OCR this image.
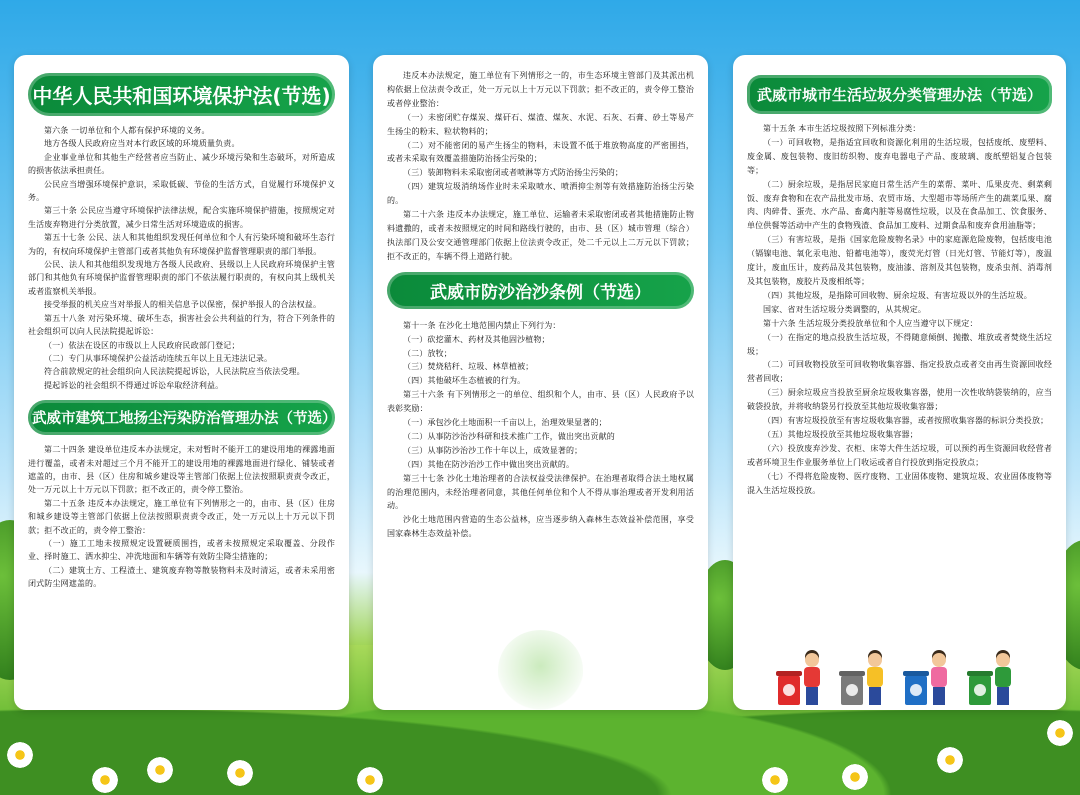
中华人民共和国环境保护法(节选)

第六条 一切单位和个人都有保护环境的义务。

地方各级人民政府应当对本行政区域的环境质量负责。

企业事业单位和其他生产经营者应当防止、减少环境污染和生态破坏，对所造成的损害依法承担责任。

公民应当增强环境保护意识，采取低碳、节俭的生活方式，自觉履行环境保护义务。

第三十条 公民应当遵守环境保护法律法规，配合实施环境保护措施，按照规定对生活废弃物进行分类放置，减少日常生活对环境造成的损害。

第五十七条 公民、法人和其他组织发现任何单位和个人有污染环境和破坏生态行为的，有权向环境保护主管部门或者其他负有环境保护监督管理职责的部门举报。

公民、法人和其他组织发现地方各级人民政府、县级以上人民政府环境保护主管部门和其他负有环境保护监督管理职责的部门不依法履行职责的，有权向其上级机关或者监察机关举报。

接受举报的机关应当对举报人的相关信息予以保密，保护举报人的合法权益。

第五十八条 对污染环境、破坏生态，损害社会公共利益的行为，符合下列条件的社会组织可以向人民法院提起诉讼：

（一）依法在设区的市级以上人民政府民政部门登记；

（二）专门从事环境保护公益活动连续五年以上且无违法记录。

符合前款规定的社会组织向人民法院提起诉讼，人民法院应当依法受理。

提起诉讼的社会组织不得通过诉讼牟取经济利益。

武威市建筑工地扬尘污染防治管理办法（节选）

第二十四条 建设单位违反本办法规定，未对暂时不能开工的建设用地的裸露地面进行覆盖，或者未对超过三个月不能开工的建设用地的裸露地面进行绿化、铺装或者遮盖的，由市、县（区）住房和城乡建设等主管部门依据上位法按照职责责令改正，处一万元以上十万元以下罚款；拒不改正的，责令停工整治。

第二十五条 违反本办法规定，施工单位有下列情形之一的，由市、县（区）住房和城乡建设等主管部门依据上位法按照职责责令改正，处一万元以上十万元以下罚款；拒不改正的，责令停工整治：

（一）施工工地未按照规定设置硬质围挡，或者未按照规定采取覆盖、分段作业、择时施工、洒水抑尘、冲洗地面和车辆等有效防尘降尘措施的；

（二）建筑土方、工程渣土、建筑废弃物等散装物料未及时清运，或者未采用密闭式防尘网遮盖的。

违反本办法规定，施工单位有下列情形之一的，市生态环境主管部门及其派出机构依据上位法责令改正，处一万元以上十万元以下罚款；拒不改正的，责令停工整治或者停业整治：

（一）未密闭贮存煤炭、煤矸石、煤渣、煤灰、水泥、石灰、石膏、砂土等易产生扬尘的粉末、粒状物料的；

（二）对不能密闭的易产生扬尘的物料，未设置不低于堆放物高度的严密围挡，或者未采取有效覆盖措施防治扬尘污染的；

（三）装卸物料未采取密闭或者喷淋等方式防治扬尘污染的；

（四）建筑垃圾消纳场作业时未采取喷水、喷洒抑尘剂等有效措施防治扬尘污染的。

第二十六条 违反本办法规定，施工单位、运输者未采取密闭或者其他措施防止物料遗撒的，或者未按照规定的时间和路线行驶的，由市、县（区）城市管理（综合）执法部门及公安交通管理部门依据上位法责令改正，处二千元以上二万元以下罚款；拒不改正的，车辆不得上道路行驶。

武威市防沙治沙条例（节选）

第十一条 在沙化土地范围内禁止下列行为：

（一）砍挖灌木、药材及其他固沙植物；

（二）放牧；

（三）焚烧秸秆、垃圾、林草植被；

（四）其他破坏生态植被的行为。

第三十六条 有下列情形之一的单位、组织和个人，由市、县（区）人民政府予以表彰奖励：

（一）承包沙化土地面积一千亩以上，治理效果显著的；

（二）从事防沙治沙科研和技术推广工作，做出突出贡献的

（三）从事防沙治沙工作十年以上，成效显著的；

（四）其他在防沙治沙工作中做出突出贡献的。

第三十七条 沙化土地治理者的合法权益受法律保护。在治理者取得合法土地权属的治理范围内，未经治理者同意，其他任何单位和个人不得从事治理或者开发利用活动。

沙化土地范围内营造的生态公益林，应当逐步纳入森林生态效益补偿范围，享受国家森林生态效益补偿。

武威市城市生活垃圾分类管理办法（节选）

第十五条 本市生活垃圾按照下列标准分类：

（一）可回收物，是指适宜回收和资源化利用的生活垃圾，包括废纸、废塑料、废金属、废包装物、废旧纺织物、废弃电器电子产品、废玻璃、废纸塑铝复合包装等；

（二）厨余垃圾，是指居民家庭日常生活产生的菜帮、菜叶、瓜果皮壳、剩菜剩饭、废弃食物和在农产品批发市场、农贸市场、大型超市等场所产生的蔬菜瓜果、腐肉、肉碎骨、蛋壳、水产品、畜禽内脏等易腐性垃圾，以及在食品加工、饮食服务、单位供餐等活动中产生的食物残渣、食品加工废料、过期食品和废弃食用油脂等；

（三）有害垃圾，是指《国家危险废物名录》中的家庭源危险废物，包括废电池（镉镍电池、氧化汞电池、铅蓄电池等），废荧光灯管（日光灯管、节能灯等），废温度计，废血压计，废药品及其包装物，废油漆、溶剂及其包装物，废杀虫剂、消毒剂及其包装物，废胶片及废相纸等；

（四）其他垃圾，是指除可回收物、厨余垃圾、有害垃圾以外的生活垃圾。

国家、省对生活垃圾分类调整的，从其规定。

第十六条 生活垃圾分类投放单位和个人应当遵守以下规定：

（一）在指定的地点投放生活垃圾，不得随意倾倒、抛撒、堆放或者焚烧生活垃圾；

（二）可回收物投放至可回收物收集容器、指定投放点或者交由再生资源回收经营者回收；

（三）厨余垃圾应当投放至厨余垃圾收集容器，使用一次性收纳袋装纳的，应当破袋投放，并将收纳袋另行投放至其他垃圾收集容器；

（四）有害垃圾投放至有害垃圾收集容器，或者按照收集容器的标识分类投放；

（五）其他垃圾投放至其他垃圾收集容器；

（六）投放废弃沙发、衣柜、床等大件生活垃圾，可以预约再生资源回收经营者或者环境卫生作业服务单位上门收运或者自行投放到指定投放点；

（七）不得将危险废物、医疗废物、工业固体废物、建筑垃圾、农业固体废物等混入生活垃圾投放。
